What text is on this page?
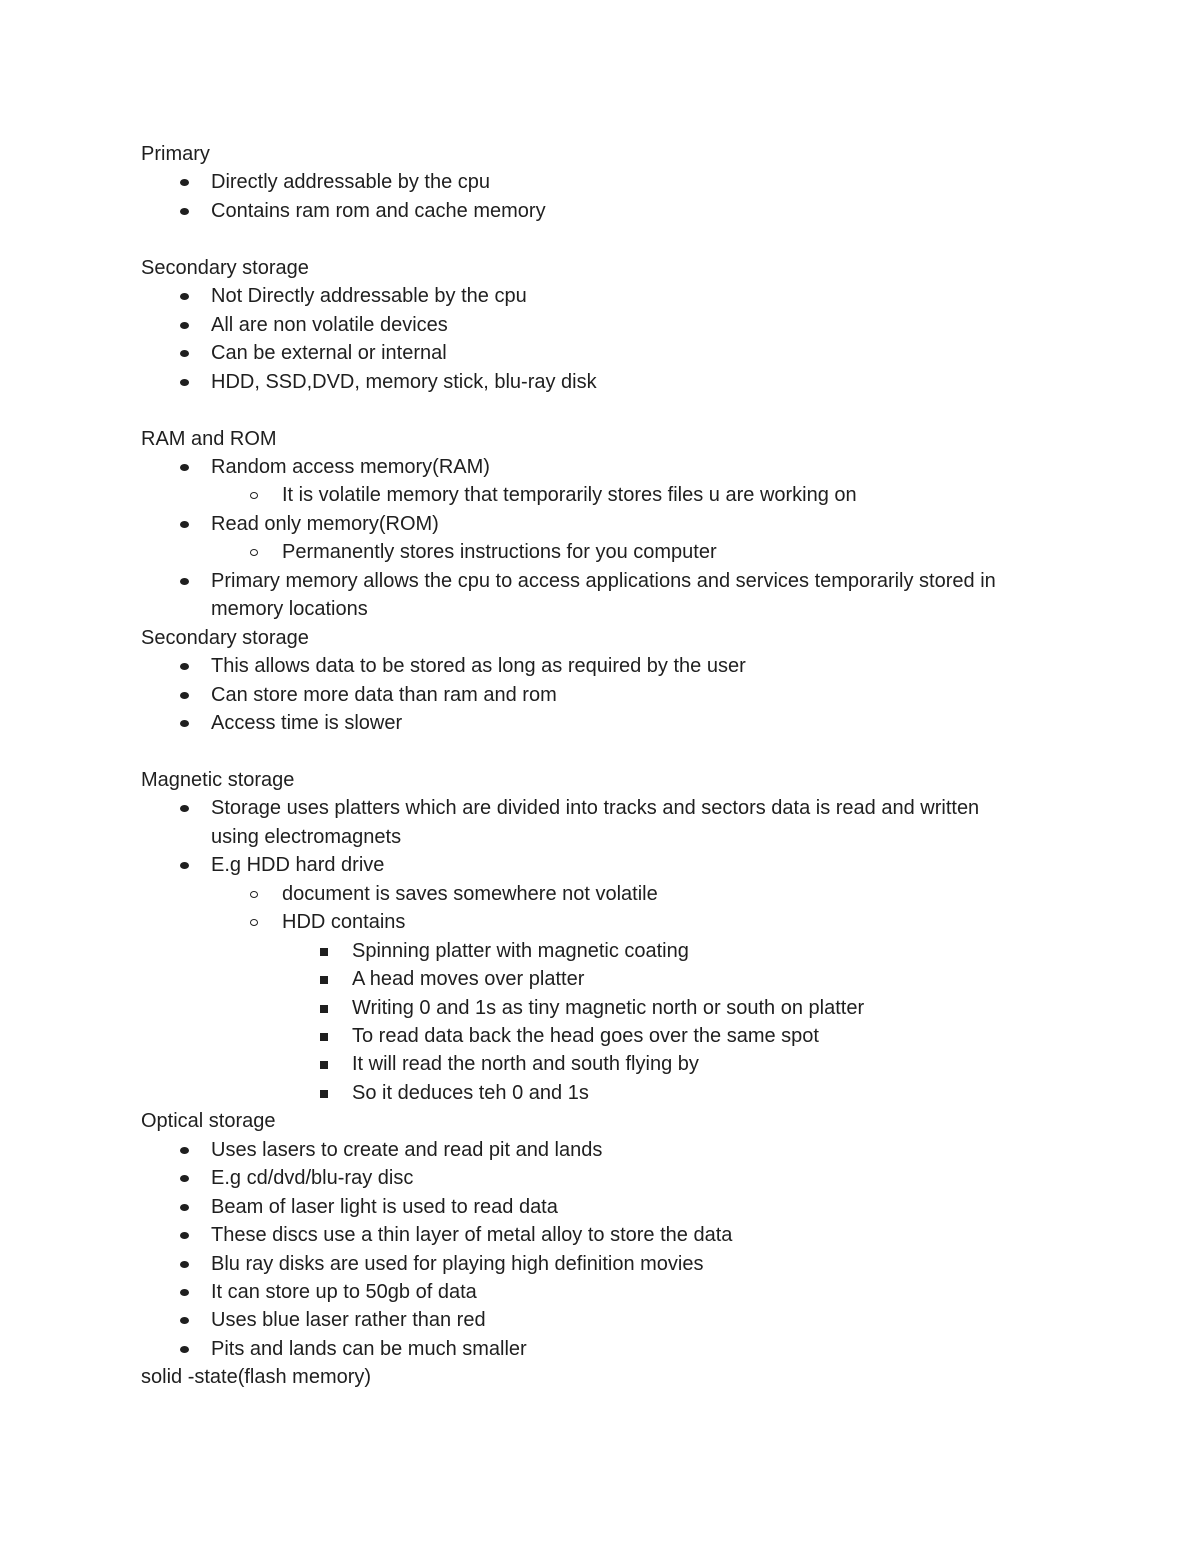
Primary
Directly addressable by the cpu
Contains ram rom and cache memory
Secondary storage
Not Directly addressable by the cpu
All are non volatile devices
Can be external or internal
HDD, SSD,DVD, memory stick, blu-ray disk
RAM and ROM
Random access memory(RAM)
It is volatile memory that temporarily stores files u are working on
Read only memory(ROM)
Permanently stores instructions for you computer
Primary memory allows the cpu to access applications and services temporarily stored in
memory locations
Secondary storage
This allows data to be stored as long as required by the user
Can store more data than ram and rom
Access time is slower
Magnetic storage
Storage uses platters which are divided into tracks and sectors data is read and written
using electromagnets
E.g HDD hard drive
document is saves somewhere not volatile
HDD contains
Spinning platter with magnetic coating
A head moves over platter
Writing 0 and 1s as tiny magnetic north or south on platter
To read data back the head goes over the same spot
It will read the north and south flying by
So it deduces teh 0 and 1s
Optical storage
Uses lasers to create and read pit and lands
E.g cd/dvd/blu-ray disc
Beam of laser light is used to read data
These discs use a thin layer of metal alloy to store the data
Blu ray disks are used for playing high definition movies
It can store up to 50gb of data
Uses blue laser rather than red
Pits and lands can be much smaller
solid -state(flash memory)
